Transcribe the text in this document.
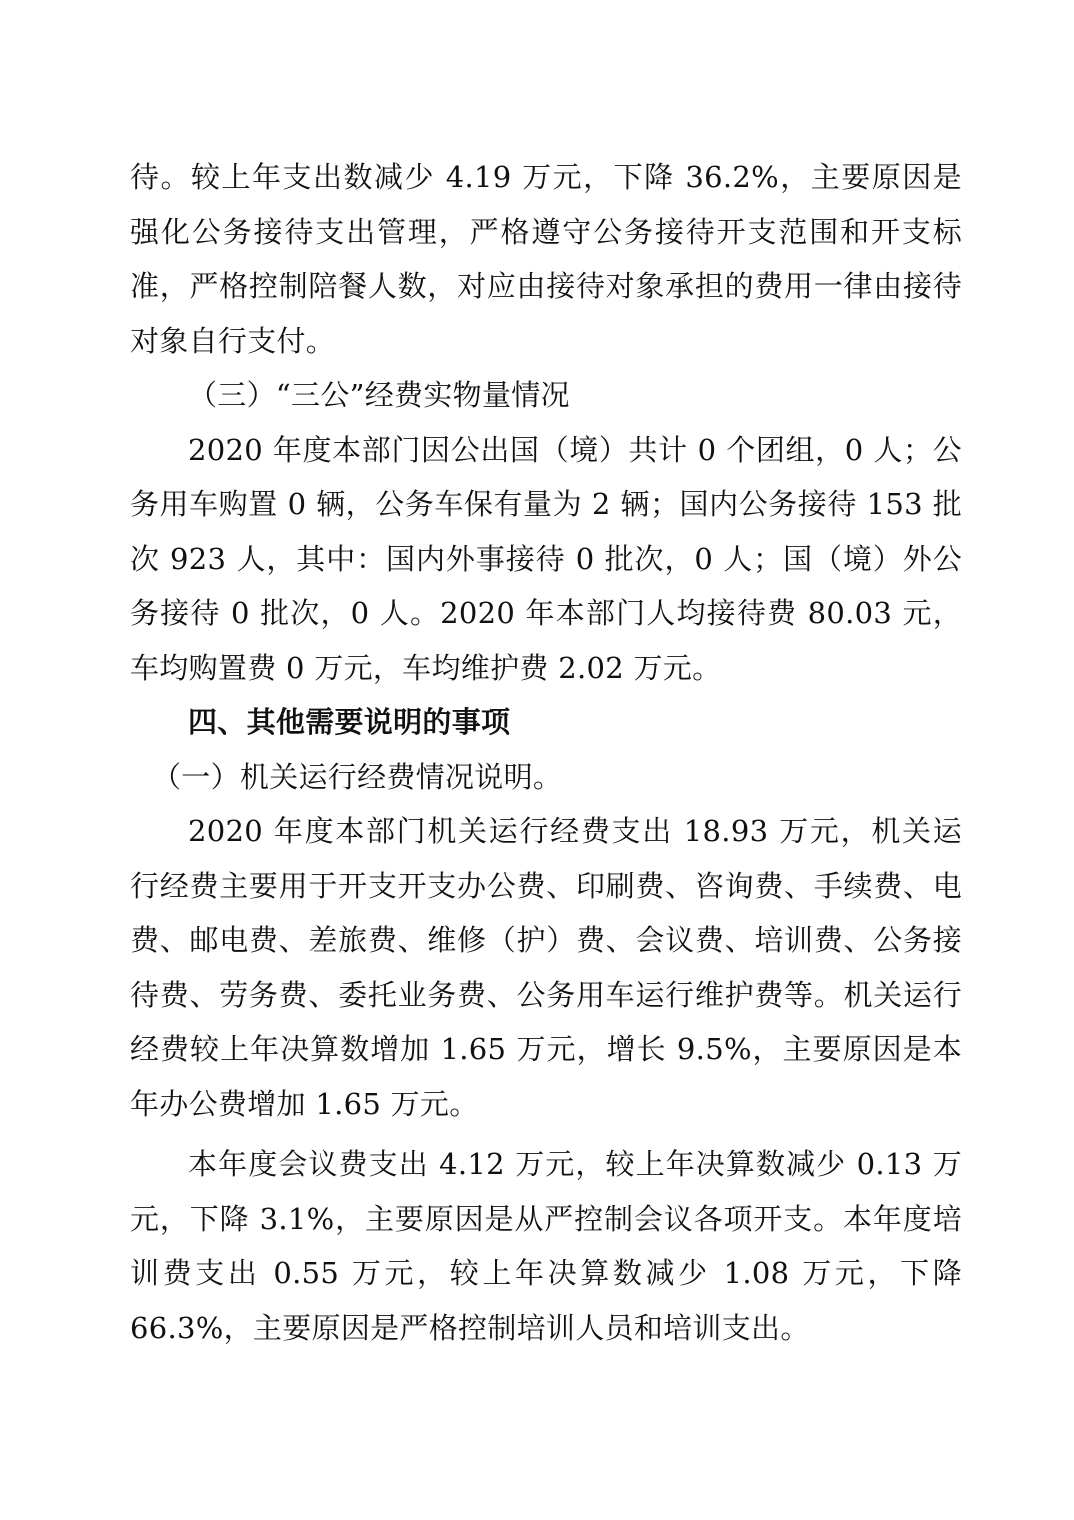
待。较上年支出数减少 4.19 万元，下降 36.2%，主要原因是强化公务接待支出管理，严格遵守公务接待开支范围和开支标准，严格控制陪餐人数，对应由接待对象承担的费用一律由接待对象自行支付。

（三）“三公”经费实物量情况

2020 年度本部门因公出国（境）共计 0 个团组，0 人；公务用车购置 0 辆，公务车保有量为 2 辆；国内公务接待 153 批次 923 人，其中：国内外事接待 0 批次，0 人；国（境）外公务接待 0 批次，0 人。2020 年本部门人均接待费 80.03 元，车均购置费 0 万元，车均维护费 2.02 万元。

四、其他需要说明的事项

（一）机关运行经费情况说明。

2020 年度本部门机关运行经费支出 18.93 万元，机关运行经费主要用于开支开支办公费、印刷费、咨询费、手续费、电费、邮电费、差旅费、维修（护）费、会议费、培训费、公务接待费、劳务费、委托业务费、公务用车运行维护费等。机关运行经费较上年决算数增加 1.65 万元，增长 9.5%，主要原因是本年办公费增加 1.65 万元。

本年度会议费支出 4.12 万元，较上年决算数减少 0.13 万元，下降 3.1%，主要原因是从严控制会议各项开支。本年度培训费支出 0.55 万元，较上年决算数减少 1.08 万元，下降 66.3%，主要原因是严格控制培训人员和培训支出。
